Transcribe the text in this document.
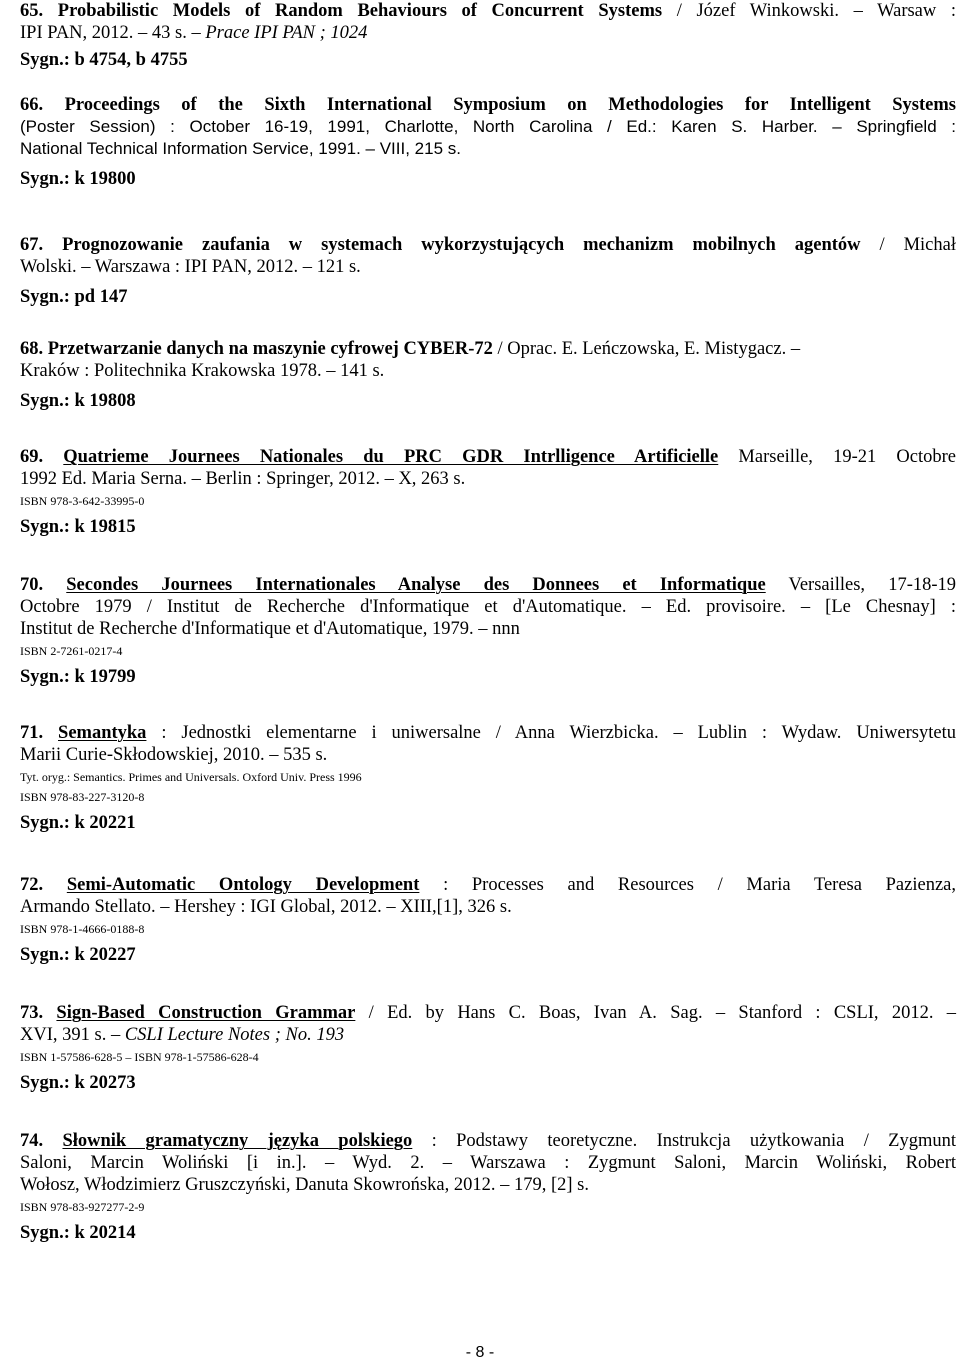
65. Probabilistic Models of Random Behaviours of Concurrent Systems / Józef Winkowski. – Warsaw :
IPI PAN, 2012. – 43 s. – Prace IPI PAN ; 1024
Sygn.: b 4754, b 4755
66. Proceedings of the Sixth International Symposium on Methodologies for Intelligent Systems
(Poster Session) : October 16-19, 1991, Charlotte, North Carolina / Ed.: Karen S. Harber. – Springfield :
National Technical Information Service, 1991. – VIII, 215 s.
Sygn.: k 19800
67. Prognozowanie zaufania w systemach wykorzystujących mechanizm mobilnych agentów / Michał
Wolski. – Warszawa : IPI PAN, 2012. – 121 s.
Sygn.: pd 147
68. Przetwarzanie danych na maszynie cyfrowej CYBER-72 / Oprac. E. Leńczowska, E. Mistygacz. –
Kraków : Politechnika Krakowska 1978. – 141 s.
Sygn.: k 19808
69. Quatrieme Journees Nationales du PRC GDR Intrlligence Artificielle Marseille, 19-21 Octobre
1992 Ed. Maria Serna. – Berlin : Springer, 2012. – X, 263 s.
ISBN 978-3-642-33995-0
Sygn.: k 19815
70. Secondes Journees Internationales Analyse des Donnees et Informatique Versailles, 17-18-19
Octobre 1979 / Institut de Recherche d'Informatique et d'Automatique. – Ed. provisoire. – [Le Chesnay] :
Institut de Recherche d'Informatique et d'Automatique, 1979. – nnn
ISBN 2-7261-0217-4
Sygn.: k 19799
71. Semantyka : Jednostki elementarne i uniwersalne / Anna Wierzbicka. – Lublin : Wydaw. Uniwersytetu
Marii Curie-Skłodowskiej, 2010. – 535 s.
Tyt. oryg.: Semantics. Primes and Universals. Oxford Univ. Press 1996
ISBN 978-83-227-3120-8
Sygn.: k 20221
72. Semi-Automatic Ontology Development : Processes and Resources / Maria Teresa Pazienza,
Armando Stellato. – Hershey : IGI Global, 2012. – XIII,[1], 326 s.
ISBN 978-1-4666-0188-8
Sygn.: k 20227
73. Sign-Based Construction Grammar / Ed. by Hans C. Boas, Ivan A. Sag. – Stanford : CSLI, 2012. –
XVI, 391 s. – CSLI Lecture Notes ; No. 193
ISBN 1-57586-628-5 – ISBN 978-1-57586-628-4
Sygn.: k 20273
74. Słownik gramatyczny języka polskiego : Podstawy teoretyczne. Instrukcja użytkowania / Zygmunt
Saloni, Marcin Woliński [i in.]. – Wyd. 2. – Warszawa : Zygmunt Saloni, Marcin Woliński, Robert
Wołosz, Włodzimierz Gruszczyński, Danuta Skowrońska, 2012. – 179, [2] s.
ISBN 978-83-927277-2-9
Sygn.: k 20214
- 8 -
